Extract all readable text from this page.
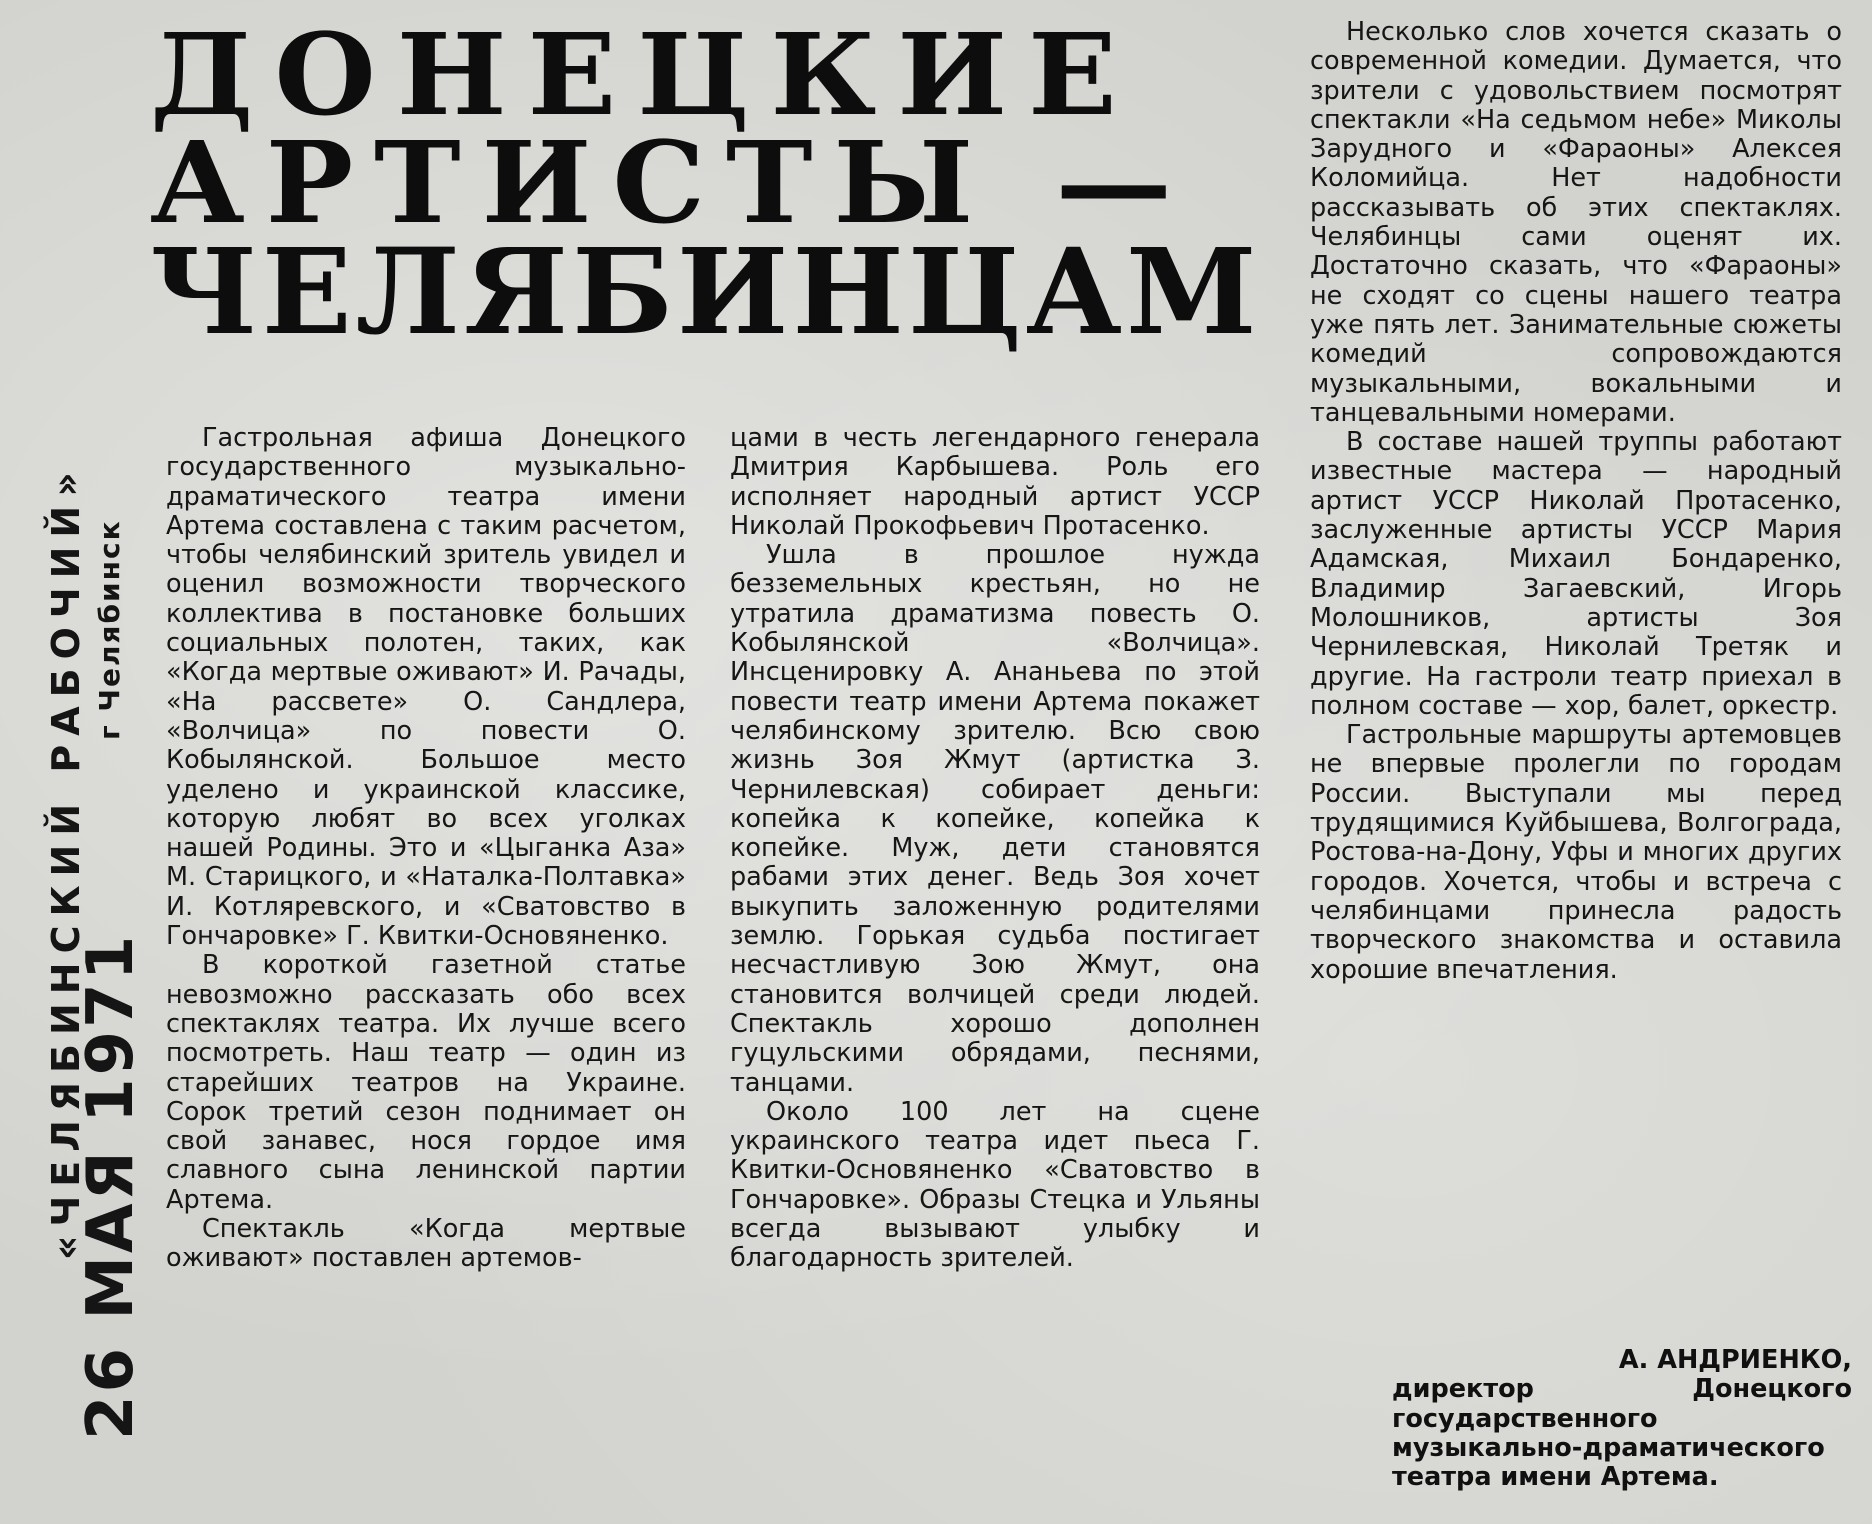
«ЧЕЛЯБИНСКИЙ РАБОЧИЙ» г Челябинск
26 МАЯ 1971
ДОНЕЦКИЕ
АРТИСТЫ —
ЧЕЛЯБИНЦАМ

Гастрольная афиша Донецкого государственного музыкально-драматического театра имени Артема составлена с таким расчетом, чтобы челябинский зритель увидел и оценил возможности творческого коллектива в постановке больших социальных полотен, таких, как «Когда мертвые оживают» И. Рачады, «На рассвете» О. Сандлера, «Волчица» по повести О. Кобылянской. Большое место уделено и украинской классике, которую любят во всех уголках нашей Родины. Это и «Цыганка Аза» М. Старицкого, и «Наталка-Полтавка» И. Котляревского, и «Сватовство в Гончаровке» Г. Квитки-Основяненко.

В короткой газетной статье невозможно рассказать обо всех спектаклях театра. Их лучше всего посмотреть. Наш театр — один из старейших театров на Украине. Сорок третий сезон поднимает он свой занавес, нося гордое имя славного сына ленинской партии Артема.

Спектакль «Когда мертвые оживают» поставлен артемов-

цами в честь легендарного генерала Дмитрия Карбышева. Роль его исполняет народный артист УССР Николай Прокофьевич Протасенко.

Ушла в прошлое нужда безземельных крестьян, но не утратила драматизма повесть О. Кобылянской «Волчица». Инсценировку А. Ананьева по этой повести театр имени Артема покажет челябинскому зрителю. Всю свою жизнь Зоя Жмут (артистка З. Чернилевская) собирает деньги: копейка к копейке, копейка к копейке. Муж, дети становятся рабами этих денег. Ведь Зоя хочет выкупить заложенную родителями землю. Горькая судьба постигает несчастливую Зою Жмут, она становится волчицей среди людей. Спектакль хорошо дополнен гуцульскими обрядами, песнями, танцами.

Около 100 лет на сцене украинского театра идет пьеса Г. Квитки-Основяненко «Сватовство в Гончаровке». Образы Стецка и Ульяны всегда вызывают улыбку и благодарность зрителей.

Несколько слов хочется сказать о современной комедии. Думается, что зрители с удовольствием посмотрят спектакли «На седьмом небе» Миколы Зарудного и «Фараоны» Алексея Коломийца. Нет надобности рассказывать об этих спектаклях. Челябинцы сами оценят их. Достаточно сказать, что «Фараоны» не сходят со сцены нашего театра уже пять лет. Занимательные сюжеты комедий сопровождаются музыкальными, вокальными и танцевальными номерами.

В составе нашей труппы работают известные мастера — народный артист УССР Николай Протасенко, заслуженные артисты УССР Мария Адамская, Михаил Бондаренко, Владимир Загаевский, Игорь Молошников, артисты Зоя Чернилевская, Николай Третяк и другие. На гастроли театр приехал в полном составе — хор, балет, оркестр.

Гастрольные маршруты артемовцев не впервые пролегли по городам России. Выступали мы перед трудящимися Куйбышева, Волгограда, Ростова-на-Дону, Уфы и многих других городов. Хочется, чтобы и встреча с челябинцами принесла радость творческого знакомства и оставила хорошие впечатления.

А. АНДРИЕНКО,
директор Донецкого государственного музыкально-драматического театра имени Артема.
